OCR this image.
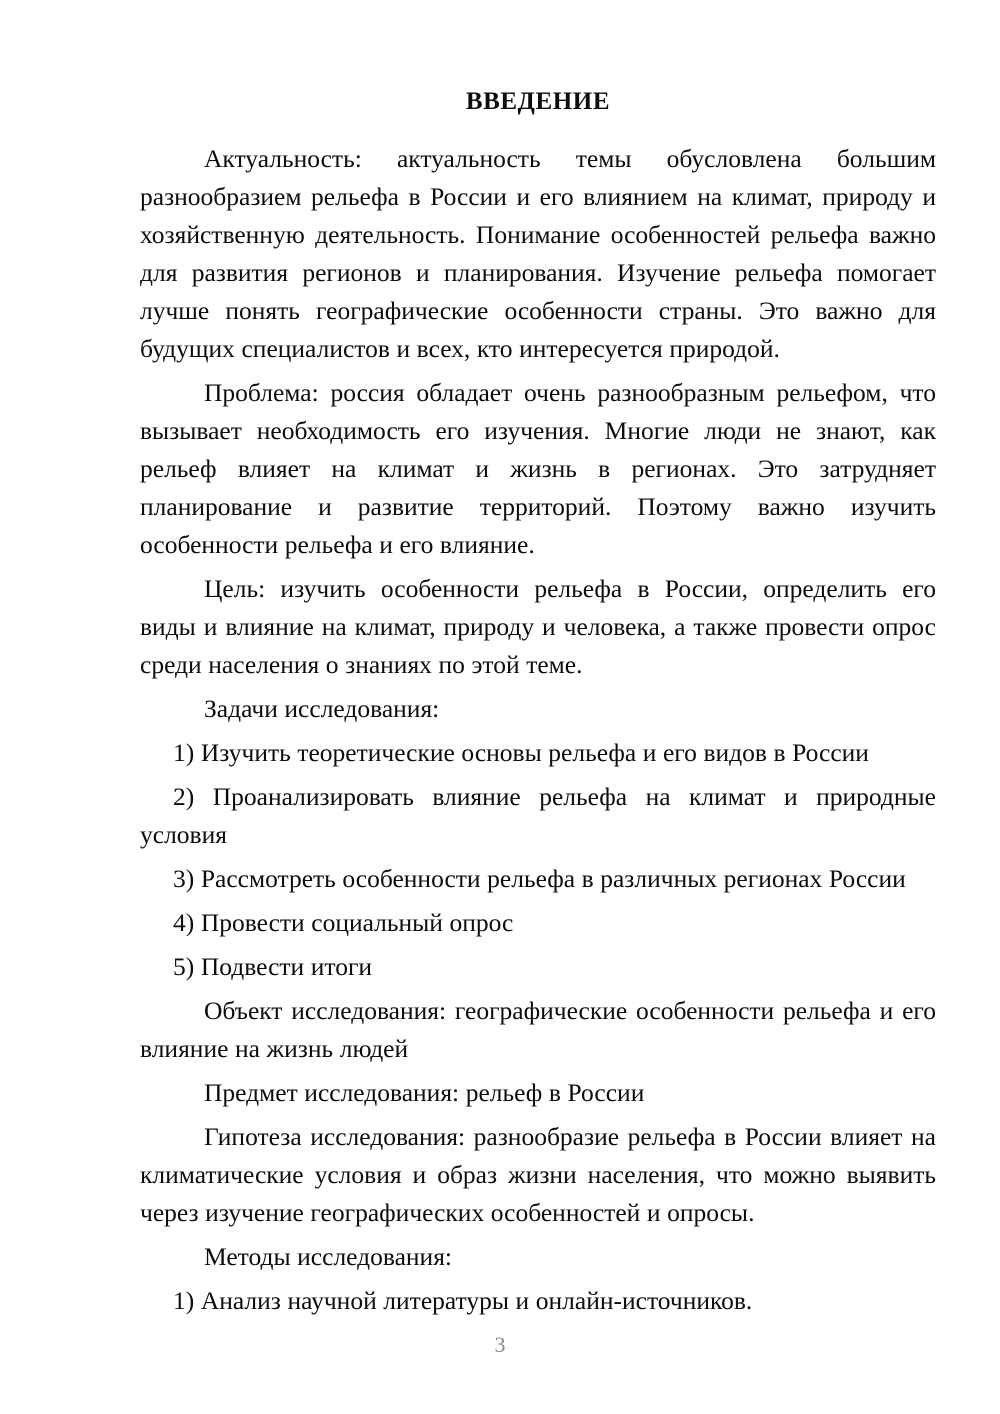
ВВЕДЕНИЕ

Актуальность: актуальность темы обусловлена большим разнообразием рельефа в России и его влиянием на климат, природу и хозяйственную деятельность. Понимание особенностей рельефа важно для развития регионов и планирования. Изучение рельефа помогает лучше понять географические особенности страны. Это важно для будущих специалистов и всех, кто интересуется природой.

Проблема: россия обладает очень разнообразным рельефом, что вызывает необходимость его изучения. Многие люди не знают, как рельеф влияет на климат и жизнь в регионах. Это затрудняет планирование и развитие территорий. Поэтому важно изучить особенности рельефа и его влияние.

Цель: изучить особенности рельефа в России, определить его виды и влияние на климат, природу и человека, а также провести опрос среди населения о знаниях по этой теме.

Задачи исследования:

1) Изучить теоретические основы рельефа и его видов в России

2) Проанализировать влияние рельефа на климат и природные условия

3) Рассмотреть особенности рельефа в различных регионах России

4) Провести социальный опрос

5) Подвести итоги

Объект исследования: географические особенности рельефа и его влияние на жизнь людей

Предмет исследования: рельеф в России

Гипотеза исследования: разнообразие рельефа в России влияет на климатические условия и образ жизни населения, что можно выявить через изучение географических особенностей и опросы.

Методы исследования:

1) Анализ научной литературы и онлайн-источников.

3
